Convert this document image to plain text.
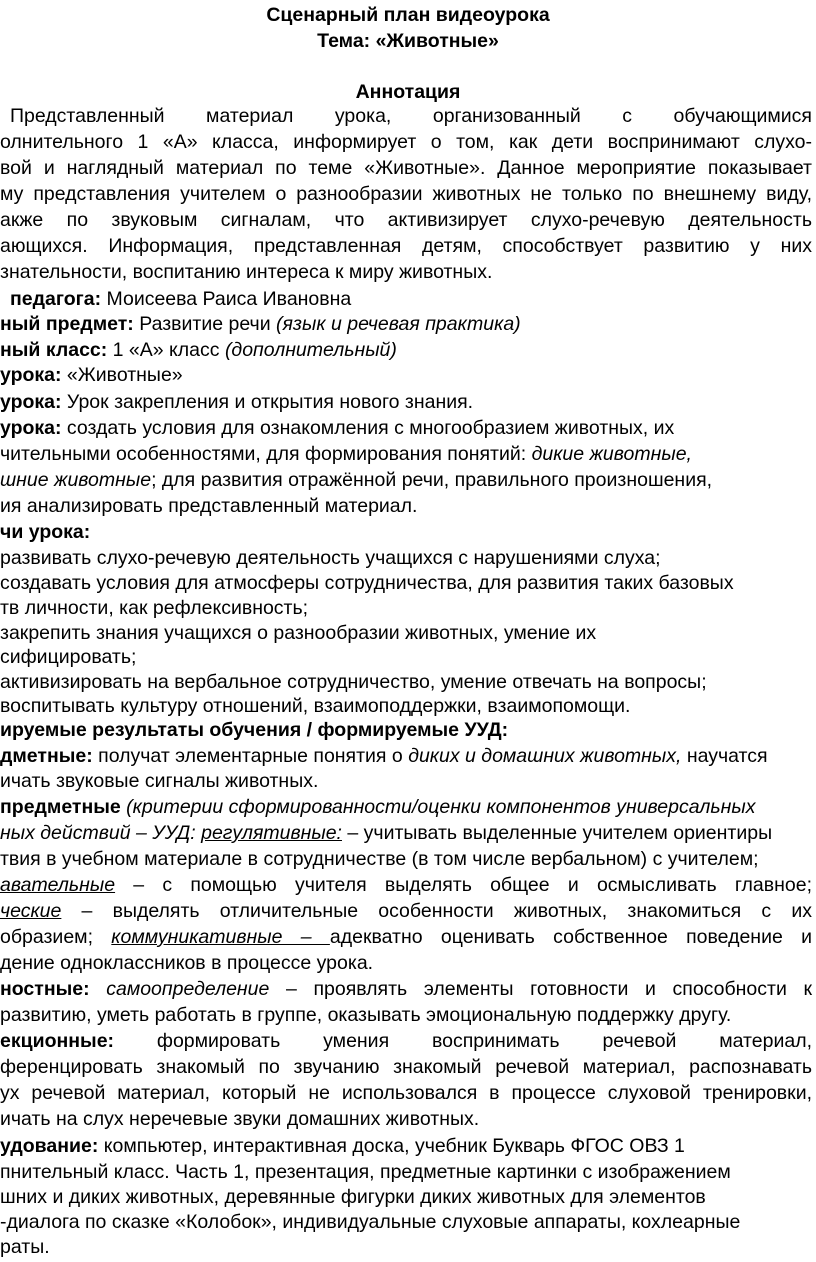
Сценарный план видеоурока
Тема: «Животные»
Аннотация
Представленный материал урока, организованный с обучающимися
олнительного 1 «А» класса, информирует о том, как дети воспринимают слухо-
вой и наглядный материал по теме «Животные». Данное мероприятие показывает
му представления учителем о разнообразии животных не только по внешнему виду,
акже по звуковым сигналам, что активизирует слухо-речевую деятельность
ающихся. Информация, представленная детям, способствует развитию у них
знательности, воспитанию интереса к миру животных.
педагога: Моисеева Раиса Ивановна
ный предмет: Развитие речи (язык и речевая практика)
ный класс: 1 «А» класс (дополнительный)
урока: «Животные»
урока: Урок закрепления и открытия нового знания.
урока: создать условия для ознакомления с многообразием животных, их
чительными особенностями, для формирования понятий: дикие животные,
шние животные; для развития отражённой речи, правильного произношения,
ия анализировать представленный материал.
чи урока:
развивать слухо-речевую деятельность учащихся с нарушениями слуха;
создавать условия для атмосферы сотрудничества, для развития таких базовых
тв личности, как рефлексивность;
закрепить знания учащихся о разнообразии животных, умение их
сифицировать;
активизировать на вербальное сотрудничество, умение отвечать на вопросы;
воспитывать культуру отношений, взаимоподдержки, взаимопомощи.
ируемые результаты обучения / формируемые УУД:
дметные: получат элементарные понятия о диких и домашних животных, научатся
ичать звуковые сигналы животных.
предметные (критерии сформированности/оценки компонентов универсальных
ных действий – УУД: регулятивные: – учитывать выделенные учителем ориентиры
твия в учебном материале в сотрудничестве (в том числе вербальном) с учителем;
авательные – с помощью учителя выделять общее и осмысливать главное;
ческие – выделять отличительные особенности животных, знакомиться с их
образием; коммуникативные – адекватно оценивать собственное поведение и
дение одноклассников в процессе урока.
ностные: самоопределение – проявлять элементы готовности и способности к
развитию, уметь работать в группе, оказывать эмоциональную поддержку другу.
екционные: формировать умения воспринимать речевой материал,
ференцировать знакомый по звучанию знакомый речевой материал, распознавать
ух речевой материал, который не использовался в процессе слуховой тренировки,
ичать на слух неречевые звуки домашних животных.
удование: компьютер, интерактивная доска, учебник Букварь ФГОС ОВЗ 1
пнительный класс. Часть 1, презентация, предметные картинки с изображением
шних и диких животных, деревянные фигурки диких животных для элементов
-диалога по сказке «Колобок», индивидуальные слуховые аппараты, кохлеарные
раты.
